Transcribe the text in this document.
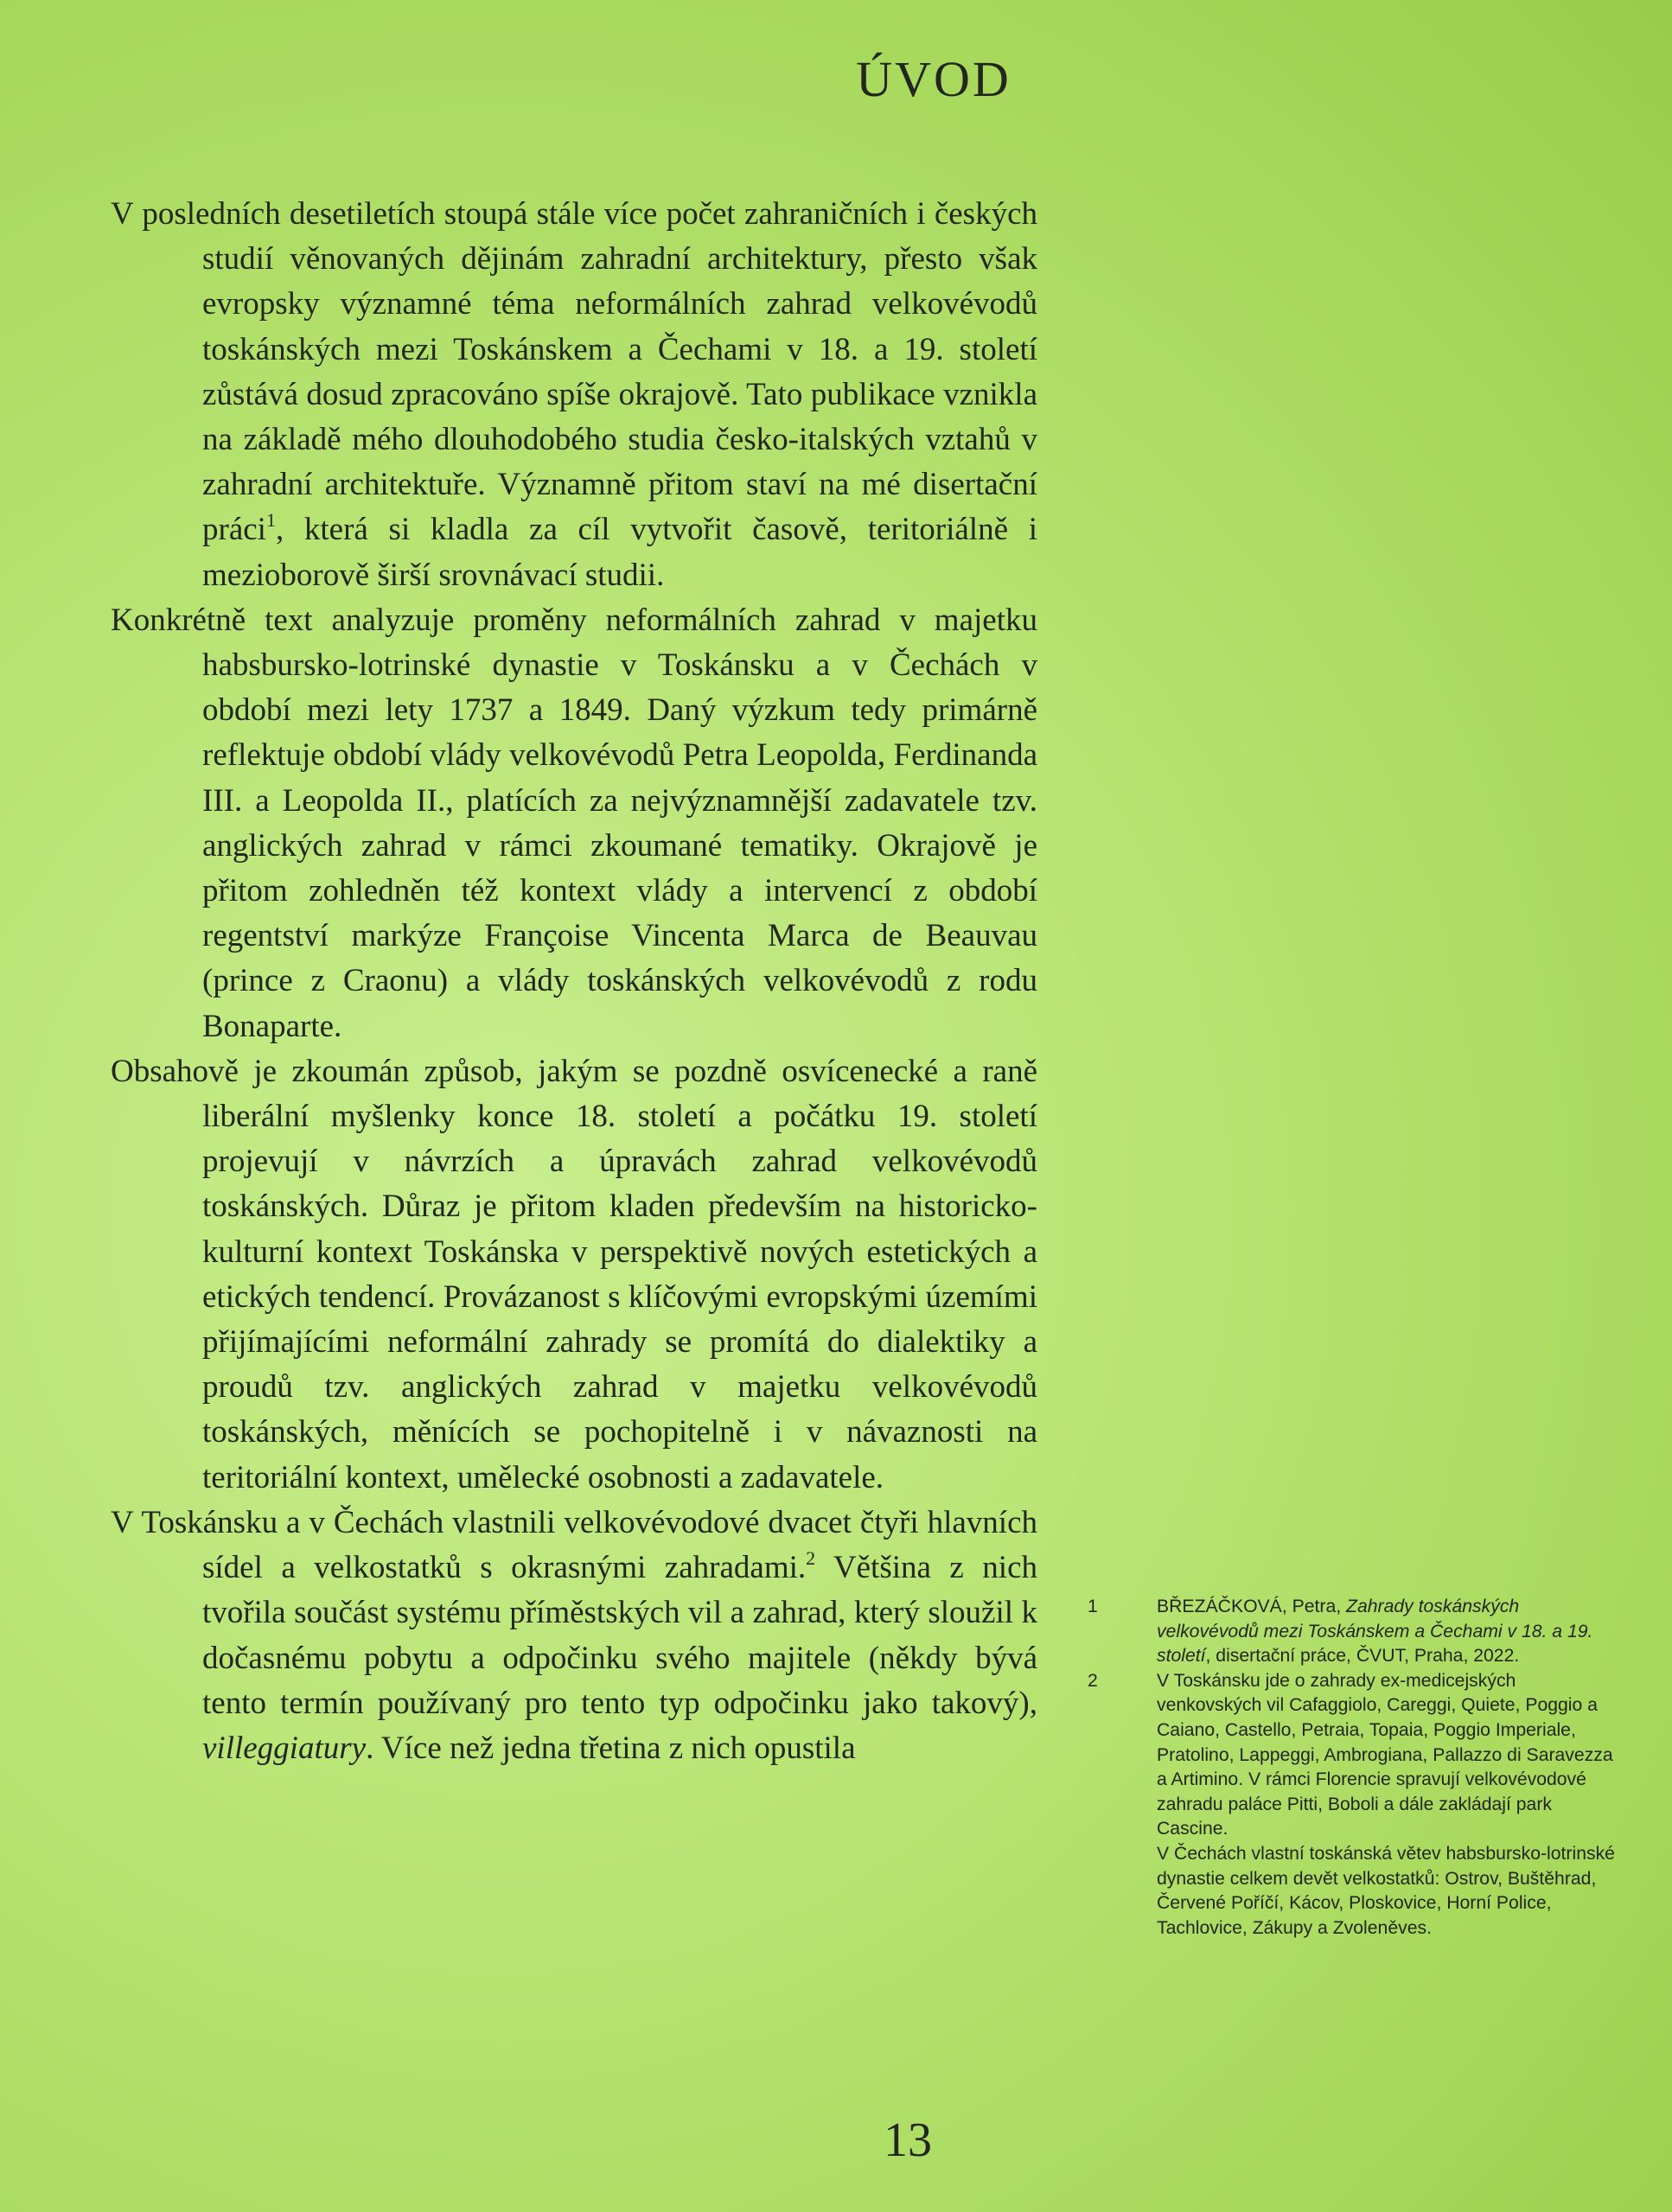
ÚVOD

V posledních desetiletích stoupá stále více počet zahraničních i českých studií věnovaných dějinám zahradní architektury, přesto však evropsky významné téma neformálních zahrad velkovévodů toskánských mezi Toskánskem a Čechami v 18. a 19. století zůstává dosud zpracováno spíše okrajově. Tato publikace vznikla na základě mého dlouhodobého studia česko-italských vztahů v zahradní architektuře. Významně přitom staví na mé disertační práci$^1$, která si kladla za cíl vytvořit časově, teritoriálně i mezioborově širší srovnávací studii.

Konkrétně text analyzuje proměny neformálních zahrad v majetku habsbursko-lotrinské dynastie v Toskánsku a v Čechách v období mezi lety 1737 a 1849. Daný výzkum tedy primárně reflektuje období vlády velkovévodů Petra Leopolda, Ferdinanda III. a Leopolda II., platících za nejvýznamnější zadavatele tzv. anglických zahrad v rámci zkoumané tematiky. Okrajově je přitom zohledněn též kontext vlády a intervencí z období regentství markýze Françoise Vincenta Marca de Beauvau (prince z Craonu) a vlády toskánských velkovévodů z rodu Bonaparte.

Obsahově je zkoumán způsob, jakým se pozdně osvícenecké a raně liberální myšlenky konce 18. století a počátku 19. století projevují v návrzích a úpravách zahrad velkovévodů toskánských. Důraz je přitom kladen především na historicko-kulturní kontext Toskánska v perspektivě nových estetických a etických tendencí. Provázanost s klíčovými evropskými územími přijímajícími neformální zahrady se promítá do dialektiky a proudů tzv. anglických zahrad v majetku velkovévodů toskánských, měnících se pochopitelně i v návaznosti na teritoriální kontext, umělecké osobnosti a zadavatele.

V Toskánsku a v Čechách vlastnili velkovévodové dvacet čtyři hlavních sídel a velkostatků s okrasnými zahradami.$^2$ Většina z nich tvořila součást systému příměstských vil a zahrad, který sloužil k dočasnému pobytu a odpočinku svého majitele (někdy bývá tento termín používaný pro tento typ odpočinku jako takový), villeggiatury. Více než jedna třetina z nich opustila

1	BŘEZÁČKOVÁ, Petra, Zahrady toskánských velkovévodů mezi Toskánskem a Čechami v 18. a 19. století, disertační práce, ČVUT, Praha, 2022.
2	V Toskánsku jde o zahrady ex-medicejských venkovských vil Cafaggiolo, Careggi, Quiete, Poggio a Caiano, Castello, Petraia, Topaia, Poggio Imperiale, Pratolino, Lappeggi, Ambrogiana, Pallazzo di Saravezza a Artimino. V rámci Florencie spravují velkovévodové zahradu paláce Pitti, Boboli a dále zakládají park Cascine.
V Čechách vlastní toskánská větev habsbursko-lotrinské dynastie celkem devět velkostatků: Ostrov, Buštěhrad, Červené Poříčí, Kácov, Ploskovice, Horní Police, Tachlovice, Zákupy a Zvoleněves.
13
